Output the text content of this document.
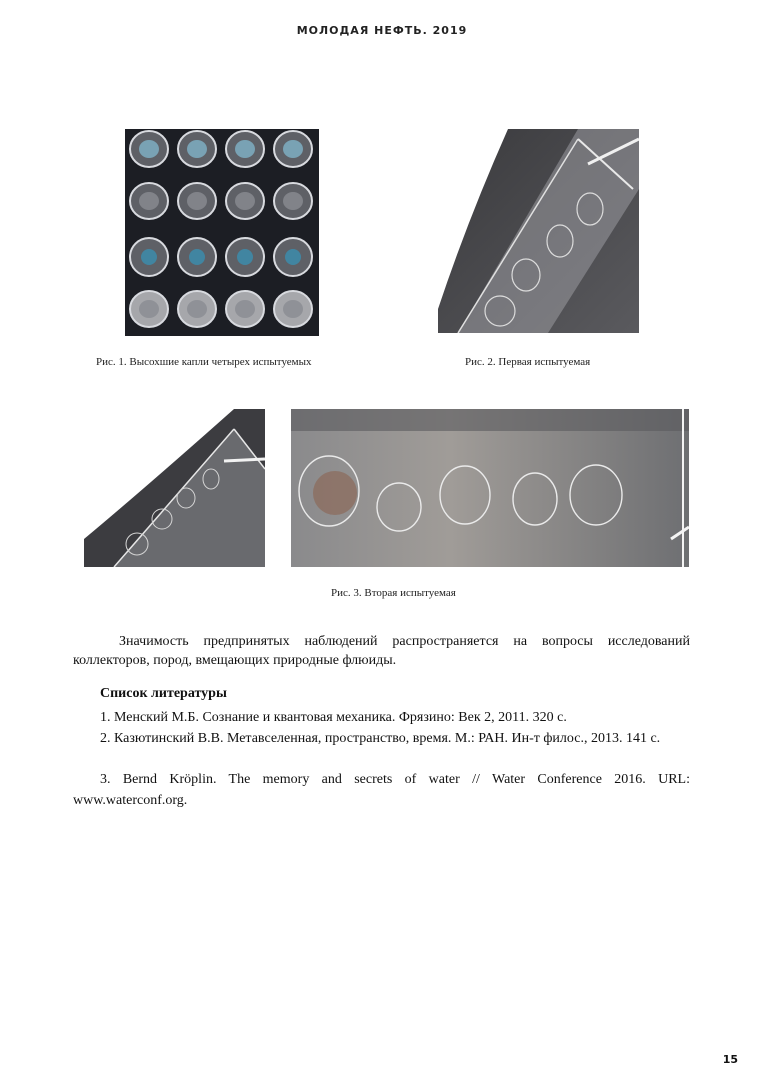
МОЛОДАЯ НЕФТЬ. 2019
Рис. 1. Высохшие капли четырех испытуемых	Рис. 2. Первая испытуемая
Рис. 3. Вторая испытуемая
Значимость предпринятых наблюдений распространяется на вопросы исследований коллекторов, пород, вмещающих природные флюиды.
Список литературы
1. Менский М.Б. Сознание и квантовая механика. Фрязино: Век 2, 2011. 320 с.
2. Казютинский В.В. Метавселенная, пространство, время. М.: РАН. Ин-т филос., 2013. 141 с.
3. Bernd Kröplin. The memory and secrets of water // Water Conference 2016. URL: www.waterconf.org.
15
